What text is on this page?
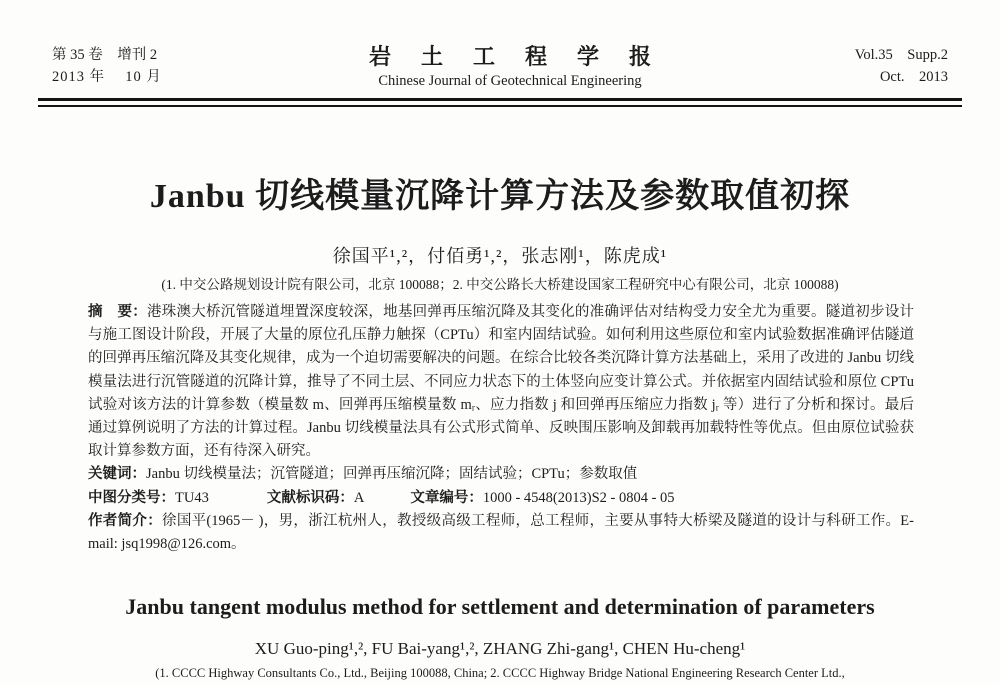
第 35 卷　增刊 2
2013 年　 10 月
岩土工程学报
Chinese Journal of Geotechnical Engineering
Vol.35　Supp.2
Oct.　2013
Janbu 切线模量沉降计算方法及参数取值初探
徐国平¹,²，付佰勇¹,²，张志刚¹，陈虎成¹
(1. 中交公路规划设计院有限公司，北京 100088；2. 中交公路长大桥建设国家工程研究中心有限公司，北京 100088)

摘　要：港珠澳大桥沉管隧道埋置深度较深，地基回弹再压缩沉降及其变化的准确评估对结构受力安全尤为重要。隧道初步设计与施工图设计阶段，开展了大量的原位孔压静力触探（CPTu）和室内固结试验。如何利用这些原位和室内试验数据准确评估隧道的回弹再压缩沉降及其变化规律，成为一个迫切需要解决的问题。在综合比较各类沉降计算方法基础上，采用了改进的 Janbu 切线模量法进行沉管隧道的沉降计算，推导了不同土层、不同应力状态下的土体竖向应变计算公式。并依据室内固结试验和原位 CPTu 试验对该方法的计算参数（模量数 m、回弹再压缩模量数 mᵣ、应力指数 j 和回弹再压缩应力指数 jᵣ 等）进行了分析和探讨。最后通过算例说明了方法的计算过程。Janbu 切线模量法具有公式形式简单、反映围压影响及卸载再加载特性等优点。但由原位试验获取计算参数方面，还有待深入研究。

关键词：Janbu 切线模量法；沉管隧道；回弹再压缩沉降；固结试验；CPTu；参数取值

中图分类号：TU43	文献标识码：A	文章编号：1000 - 4548(2013)S2 - 0804 - 05

作者简介：徐国平(1965－ )，男，浙江杭州人，教授级高级工程师，总工程师，主要从事特大桥梁及隧道的设计与科研工作。E-mail: jsq1998@126.com。

Janbu tangent modulus method for settlement and determination of parameters
XU Guo-ping¹,², FU Bai-yang¹,², ZHANG Zhi-gang¹, CHEN Hu-cheng¹
(1. CCCC Highway Consultants Co., Ltd., Beijing 100088, China; 2. CCCC Highway Bridge National Engineering Research Center Ltd.,
